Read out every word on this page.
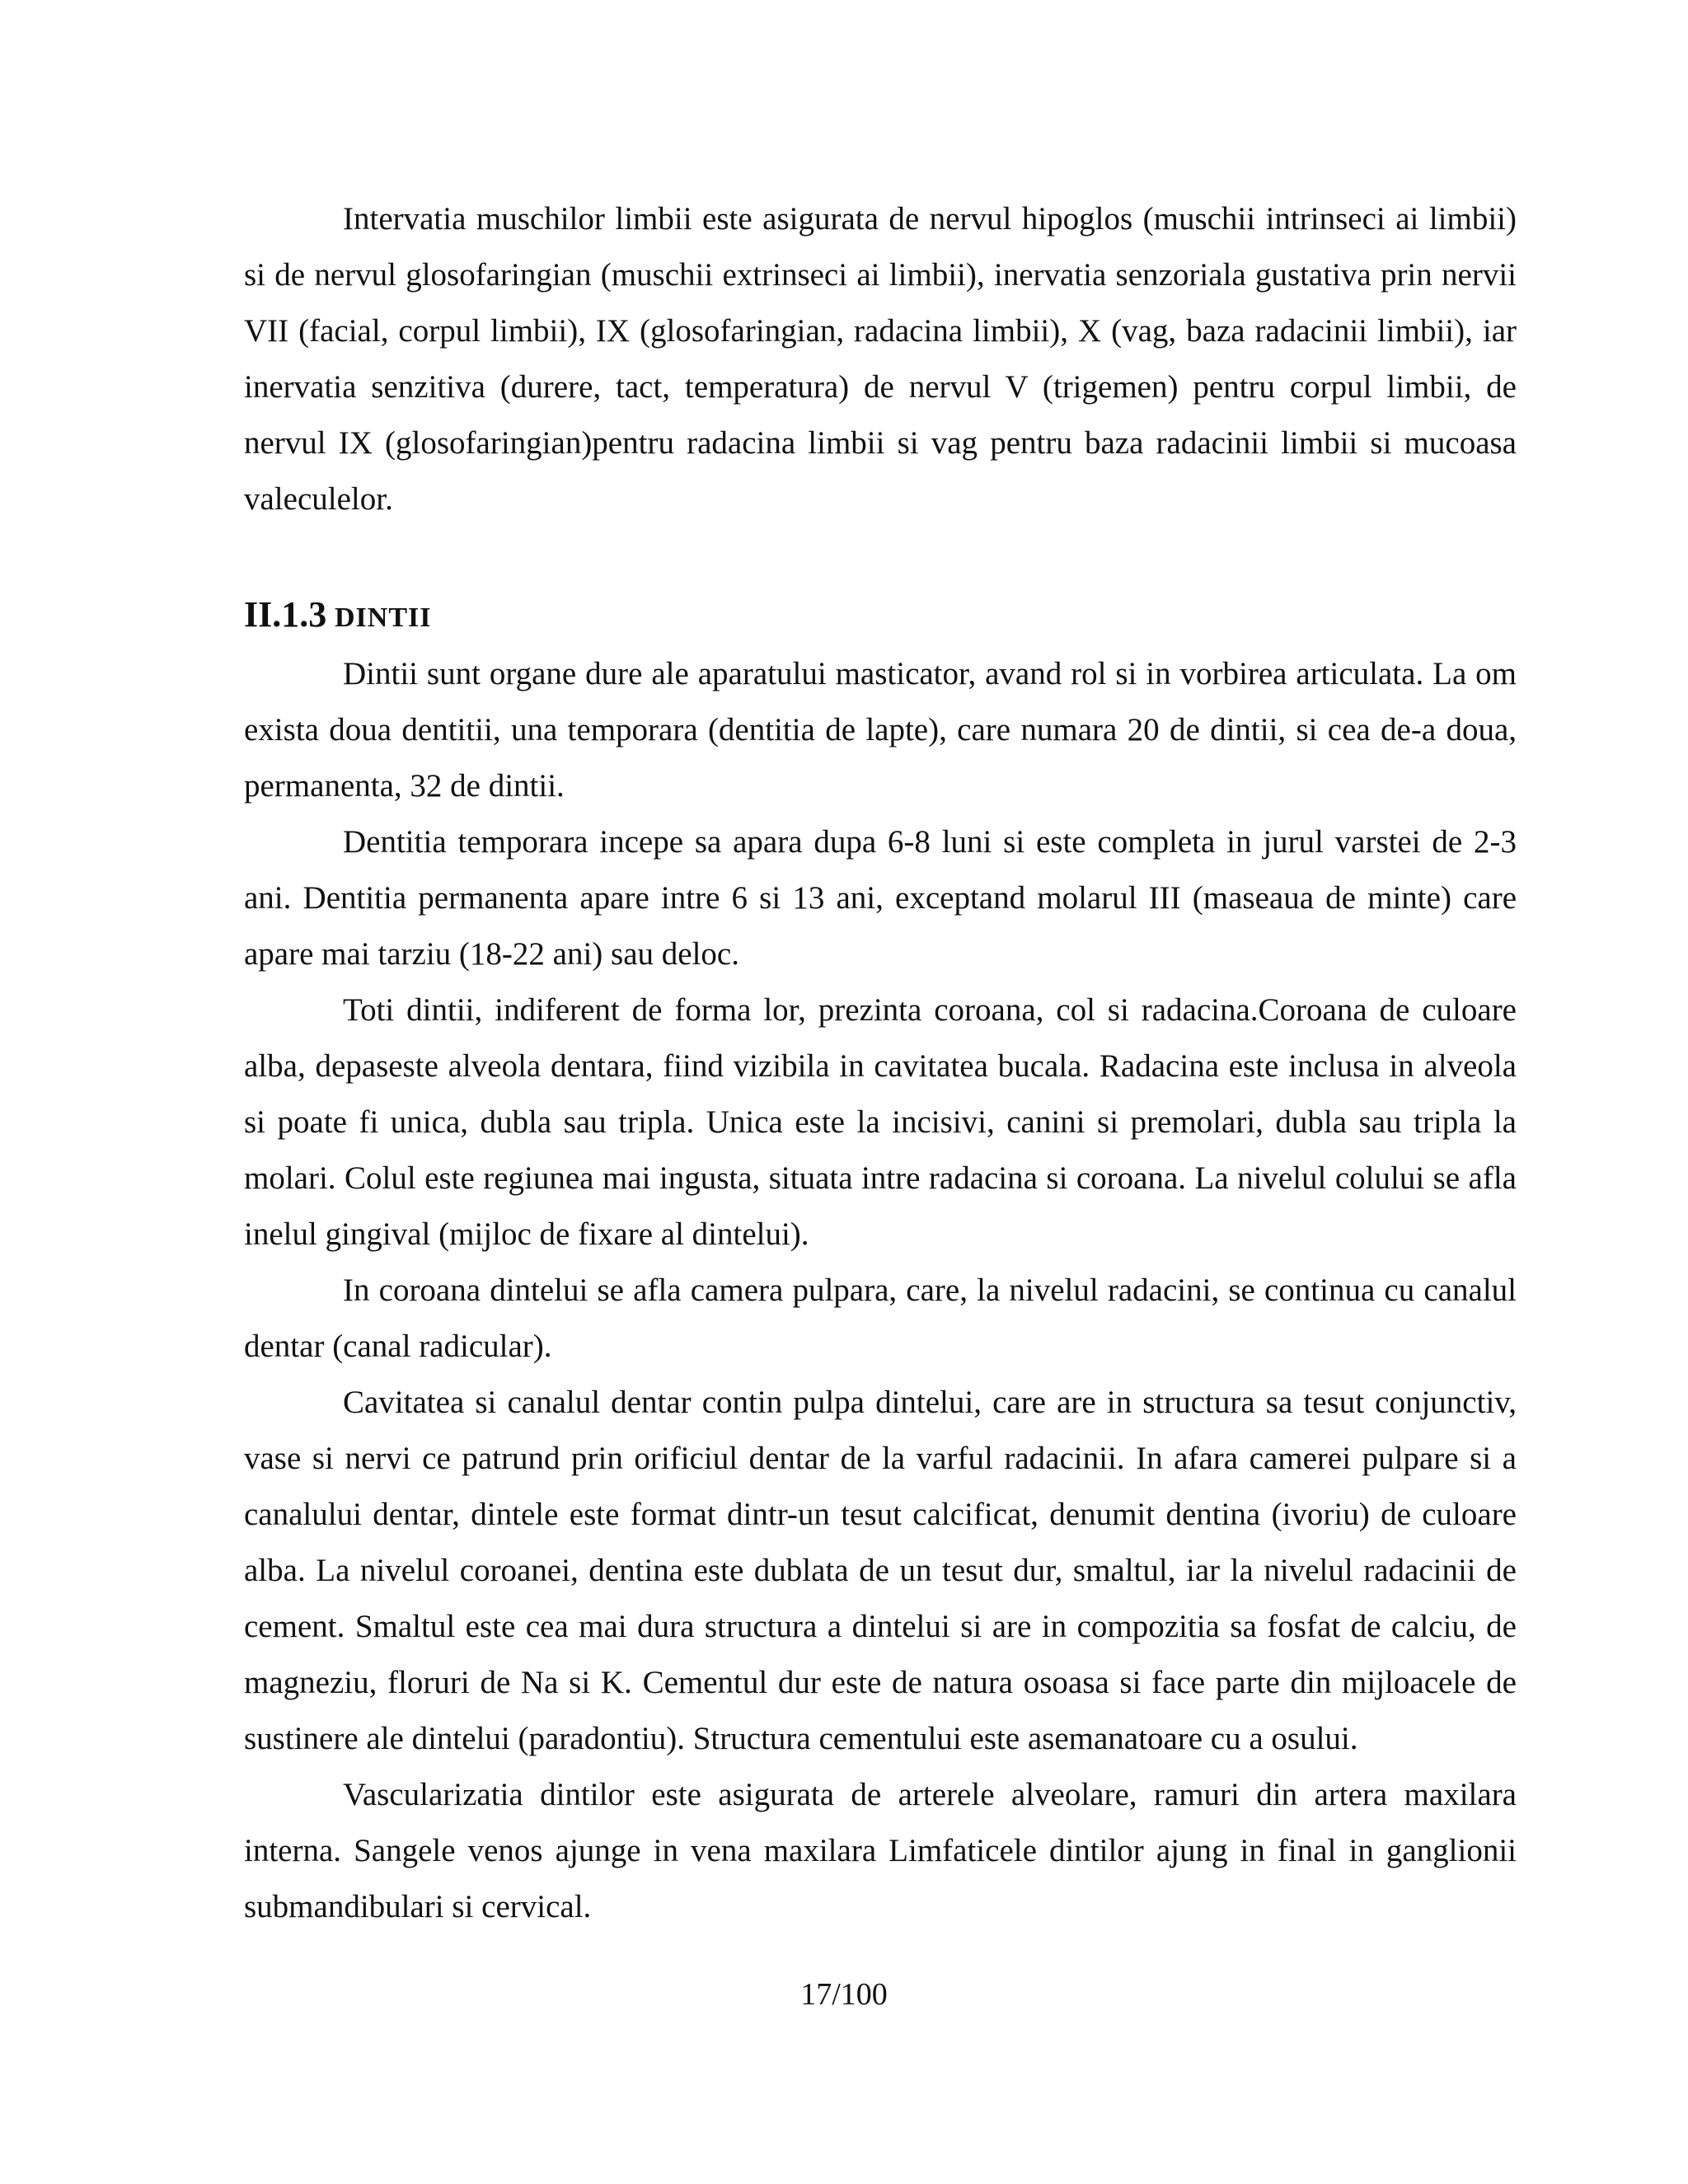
Intervatia muschilor limbii este asigurata de nervul hipoglos (muschii intrinseci ai limbii) si de nervul glosofaringian (muschii extrinseci ai limbii), inervatia senzoriala gustativa prin nervii VII (facial, corpul limbii), IX (glosofaringian, radacina limbii), X (vag, baza radacinii limbii), iar inervatia senzitiva (durere, tact, temperatura) de nervul V (trigemen) pentru corpul limbii, de nervul IX (glosofaringian)pentru radacina limbii si vag pentru baza radacinii limbii si mucoasa valeculelor.

II.1.3 DINTII

Dintii sunt organe dure ale aparatului masticator, avand rol si in vorbirea articulata. La om exista doua dentitii, una temporara (dentitia de lapte), care numara 20 de dintii, si cea de-a doua, permanenta, 32 de dintii.

Dentitia temporara incepe sa apara dupa 6-8 luni si este completa in jurul varstei de 2-3 ani. Dentitia permanenta apare intre 6 si 13 ani, exceptand molarul III (maseaua de minte) care apare mai tarziu (18-22 ani) sau deloc.

Toti dintii, indiferent de forma lor, prezinta coroana, col si radacina.Coroana de culoare alba, depaseste alveola dentara, fiind vizibila in cavitatea bucala. Radacina este inclusa in alveola si poate fi unica, dubla sau tripla. Unica este la incisivi, canini si premolari, dubla sau tripla la molari. Colul este regiunea mai ingusta, situata intre radacina si coroana. La nivelul colului se afla inelul gingival (mijloc de fixare al dintelui).

In coroana dintelui se afla camera pulpara, care, la nivelul radacini, se continua cu canalul dentar (canal radicular).

Cavitatea si canalul dentar contin pulpa dintelui, care are in structura sa tesut conjunctiv, vase si nervi ce patrund prin orificiul dentar de la varful radacinii. In afara camerei pulpare si a canalului dentar, dintele este format dintr-un tesut calcificat, denumit dentina (ivoriu) de culoare alba. La nivelul coroanei, dentina este dublata de un tesut dur, smaltul, iar la nivelul radacinii de cement. Smaltul este cea mai dura structura a dintelui si are in compozitia sa fosfat de calciu, de magneziu, floruri de Na si K. Cementul dur este de natura osoasa si face parte din mijloacele de sustinere ale dintelui (paradontiu). Structura cementului este asemanatoare cu a osului.

Vascularizatia dintilor este asigurata de arterele alveolare, ramuri din artera maxilara interna. Sangele venos ajunge in vena maxilara Limfaticele dintilor ajung in final in ganglionii submandibulari si cervical.

17/100
